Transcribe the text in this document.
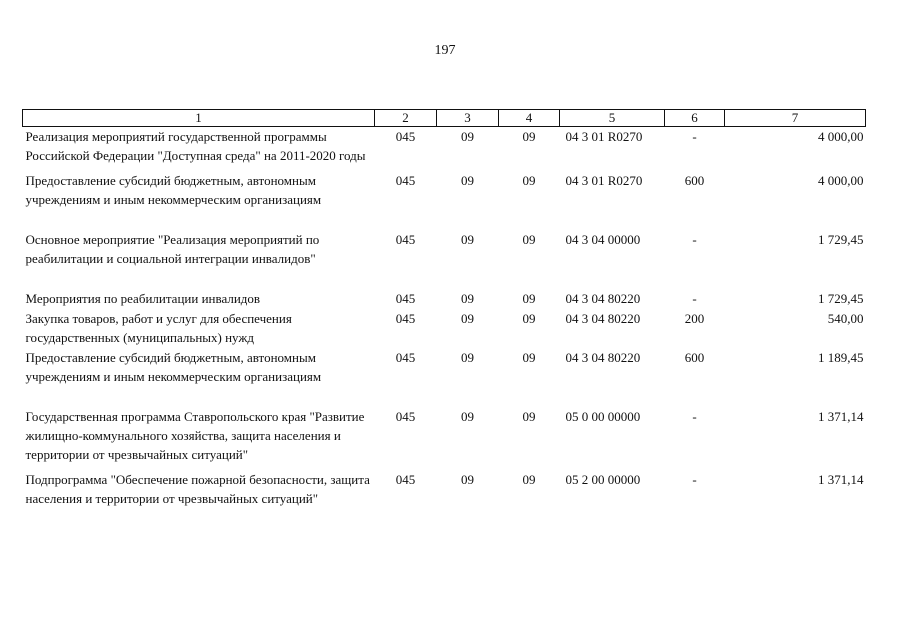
197
1	2	3	4	5	6	7
Реализация мероприятий государственной программы Российской Федерации "Доступная среда" на 2011-2020 годы	045	09	09	04 3 01 R0270	-	4 000,00
Предоставление субсидий бюджетным, автономным учреждениям и иным некоммерческим организациям	045	09	09	04 3 01 R0270	600	4 000,00
Основное мероприятие "Реализация мероприятий по реабилитации и социальной интеграции инвалидов"	045	09	09	04 3 04 00000	-	1 729,45
Мероприятия по реабилитации инвалидов	045	09	09	04 3 04 80220	-	1 729,45
Закупка товаров, работ и услуг для обеспечения государственных (муниципальных) нужд	045	09	09	04 3 04 80220	200	540,00
Предоставление субсидий бюджетным, автономным учреждениям и иным некоммерческим организациям	045	09	09	04 3 04 80220	600	1 189,45
Государственная программа Ставропольского края "Развитие жилищно-коммунального хозяйства, защита населения и территории от чрезвычайных ситуаций"	045	09	09	05 0 00 00000	-	1 371,14
Подпрограмма "Обеспечение пожарной безопасности, защита населения и территории от чрезвычайных ситуаций"	045	09	09	05 2 00 00000	-	1 371,14
